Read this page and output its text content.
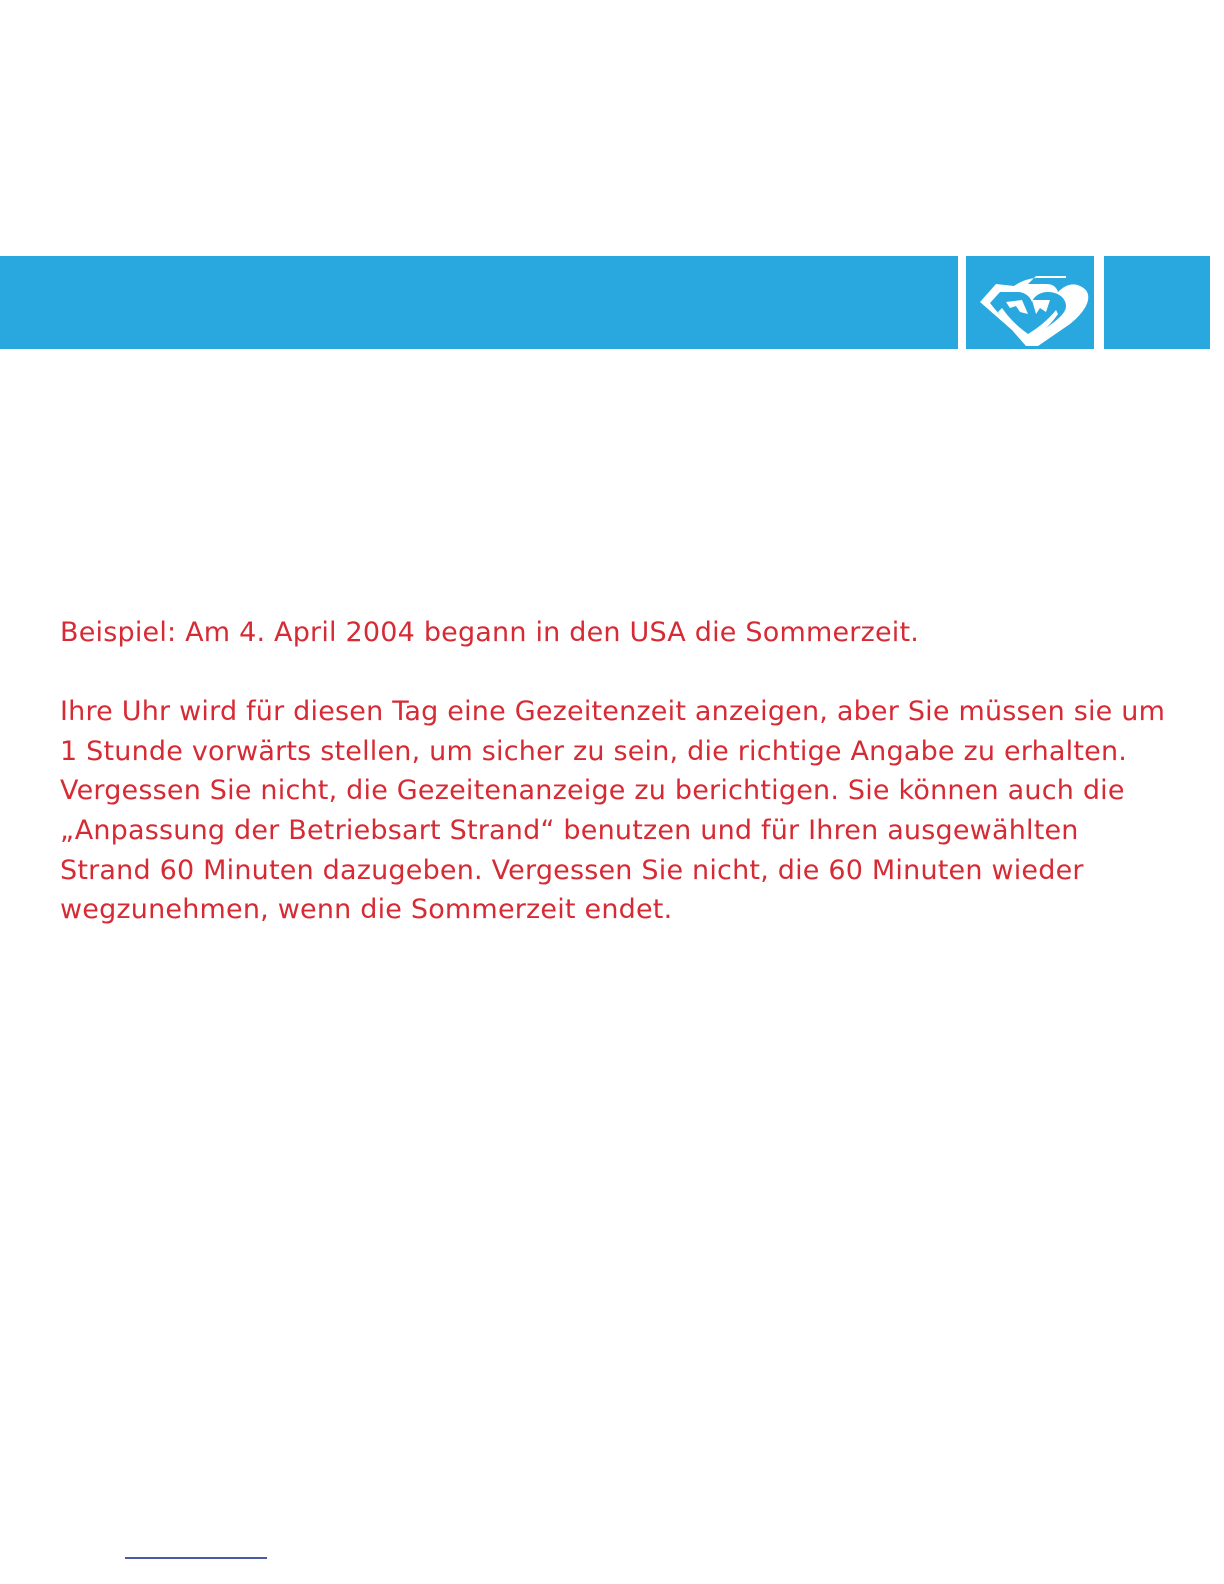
Beispiel: Am 4. April 2004 begann in den USA die Sommerzeit.

Ihre Uhr wird für diesen Tag eine Gezeitenzeit anzeigen, aber Sie müssen sie um 1 Stunde vorwärts stellen, um sicher zu sein, die richtige Angabe zu erhalten. Vergessen Sie nicht, die Gezeitenanzeige zu berichtigen. Sie können auch die „Anpassung der Betriebsart Strand“ benutzen und für Ihren ausgewählten Strand 60 Minuten dazugeben. Vergessen Sie nicht, die 60 Minuten wieder wegzunehmen, wenn die Sommerzeit endet.
